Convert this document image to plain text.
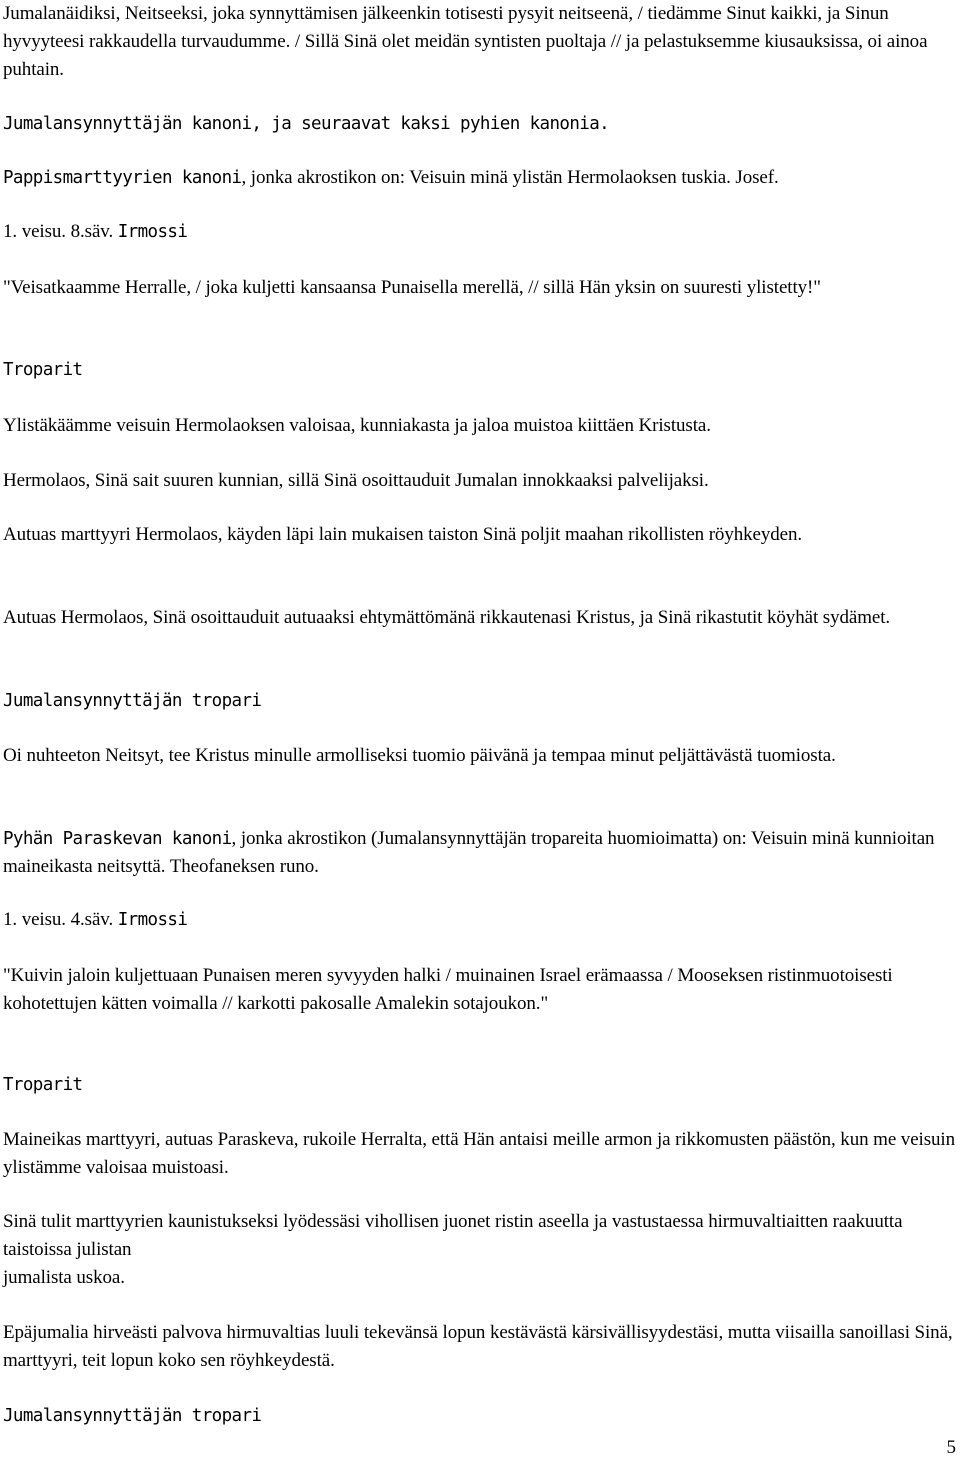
Jumalanäidiksi, Neitseeksi, joka synnyttämisen jälkeenkin totisesti pysyit neitseenä, / tiedämme Sinut kaikki, ja Sinun hyvyyteesi rakkaudella turvaudumme. / Sillä Sinä olet meidän syntisten puoltaja // ja pelastuksemme kiusauksissa, oi ainoa puhtain.

Jumalansynnyttäjän kanoni, ja seuraavat kaksi pyhien kanonia.

Pappismarttyyrien kanoni, jonka akrostikon on: Veisuin minä ylistän Hermolaoksen tuskia. Josef.

1. veisu. 8.säv. Irmossi

"Veisatkaamme Herralle, / joka kuljetti kansaansa Punaisella merellä, // sillä Hän yksin on suuresti ylistetty!"

Troparit

Ylistäkäämme veisuin Hermolaoksen valoisaa, kunniakasta ja jaloa muistoa kiittäen Kristusta.

Hermolaos, Sinä sait suuren kunnian, sillä Sinä osoittauduit Jumalan innokkaaksi palvelijaksi.

Autuas marttyyri Hermolaos, käyden läpi lain mukaisen taiston Sinä poljit maahan rikollisten röyhkeyden.

Autuas Hermolaos, Sinä osoittauduit autuaaksi ehtymättömänä rikkautenasi Kristus, ja Sinä rikastutit köyhät sydämet.

Jumalansynnyttäjän tropari

Oi nuhteeton Neitsyt, tee Kristus minulle armolliseksi tuomio päivänä ja tempaa minut peljättävästä tuomiosta.

Pyhän Paraskevan kanoni, jonka akrostikon (Jumalansynnyttäjän tropareita huomioimatta) on: Veisuin minä kunnioitan maineikasta neitsyttä. Theofaneksen runo.

1. veisu. 4.säv. Irmossi

"Kuivin jaloin kuljettuaan Punaisen meren syvyyden halki / muinainen Israel erämaassa / Mooseksen ristinmuotoisesti kohotettujen kätten voimalla // karkotti pakosalle Amalekin sotajoukon."

Troparit

Maineikas marttyyri, autuas Paraskeva, rukoile Herralta, että Hän antaisi meille armon ja rikkomusten päästön, kun me veisuin ylistämme valoisaa muistoasi.

Sinä tulit marttyyrien kaunistukseksi lyödessäsi vihollisen juonet ristin aseella ja vastustaessa hirmuvaltiaitten raakuutta taistoissa julistan
jumalista uskoa.

Epäjumalia hirveästi palvova hirmuvaltias luuli tekevänsä lopun kestävästä kärsivällisyydestäsi, mutta viisailla sanoillasi Sinä, marttyyri, teit lopun koko sen röyhkeydestä.

Jumalansynnyttäjän tropari

5
